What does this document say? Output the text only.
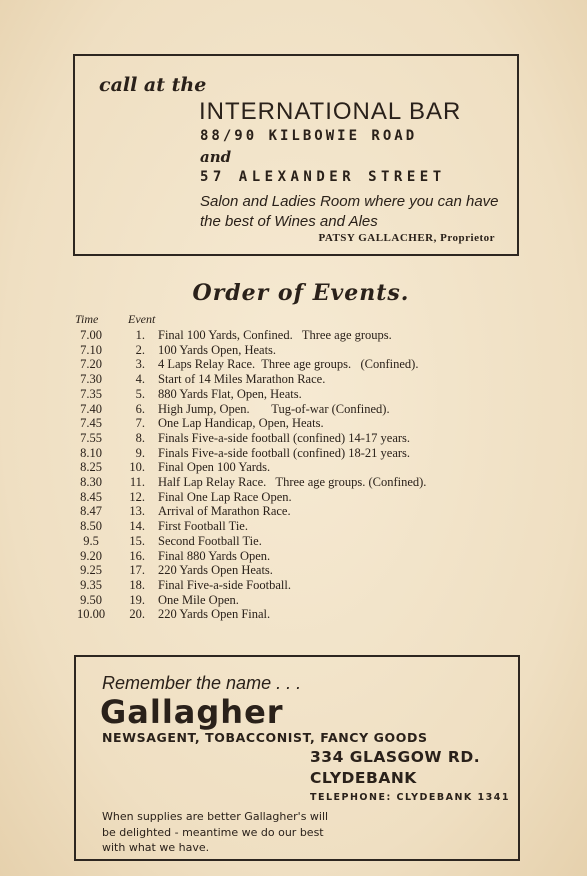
call at the
INTERNATIONAL BAR
88/90 KILBOWIE ROAD
and
57 ALEXANDER STREET
Salon and Ladies Room where you can have the best of Wines and Ales
PATSY GALLACHER, Proprietor
Order of Events.
Time Event
7.00	1. Final 100 Yards, Confined.   Three age groups.
7.10	2. 100 Yards Open, Heats.
7.20	3. 4 Laps Relay Race.  Three age groups.   (Confined).
7.30	4. Start of 14 Miles Marathon Race.
7.35	5. 880 Yards Flat, Open, Heats.
7.40	6. High Jump, Open.       Tug-of-war (Confined).
7.45	7. One Lap Handicap, Open, Heats.
7.55	8. Finals Five-a-side football (confined) 14-17 years.
8.10	9. Finals Five-a-side football (confined) 18-21 years.
8.25	10. Final Open 100 Yards.
8.30	11. Half Lap Relay Race.   Three age groups. (Confined).
8.45	12. Final One Lap Race Open.
8.47	13. Arrival of Marathon Race.
8.50	14. First Football Tie.
9.5	15. Second Football Tie.
9.20	16. Final 880 Yards Open.
9.25	17. 220 Yards Open Heats.
9.35	18. Final Five-a-side Football.
9.50	19. One Mile Open.
10.00	20. 220 Yards Open Final.
Remember the name . . .
Gallagher
NEWSAGENT, TOBACCONIST, FANCY GOODS
334 GLASGOW RD.
CLYDEBANK
TELEPHONE: CLYDEBANK 1341
When supplies are better Gallagher's will be delighted - meantime we do our best with what we have.
